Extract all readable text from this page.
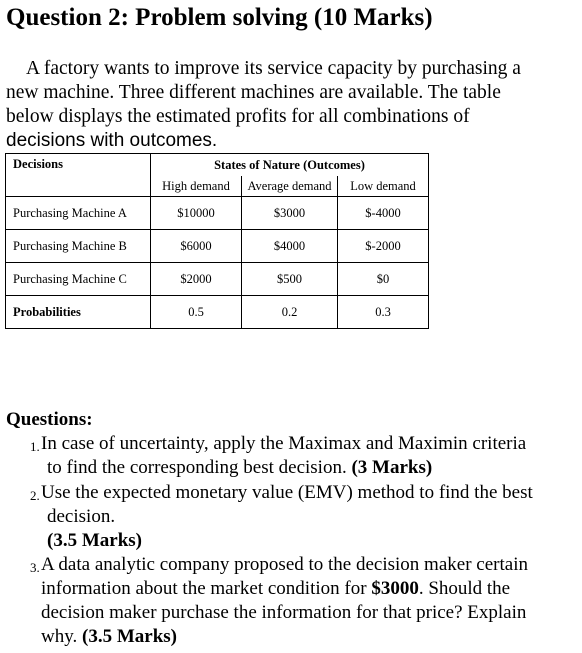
Question 2: Problem solving (10 Marks)
A factory wants to improve its service capacity by purchasing a
new machine. Three different machines are available. The table
below displays the estimated profits for all combinations of
decisions with outcomes.
Decisions	States of Nature (Outcomes)		
	High demand	Average demand	Low demand
Purchasing Machine A	$10000	$3000	$-4000
Purchasing Machine B	$6000	$4000	$-2000
Purchasing Machine C	$2000	$500	$0
Probabilities	0.5	0.2	0.3
Questions:
1. In case of uncertainty, apply the Maximax and Maximin criteria
to find the corresponding best decision. (3 Marks)
2. Use the expected monetary value (EMV) method to find the best
decision.
(3.5 Marks)
3. A data analytic company proposed to the decision maker certain
information about the market condition for $3000. Should the
decision maker purchase the information for that price? Explain
why. (3.5 Marks)
